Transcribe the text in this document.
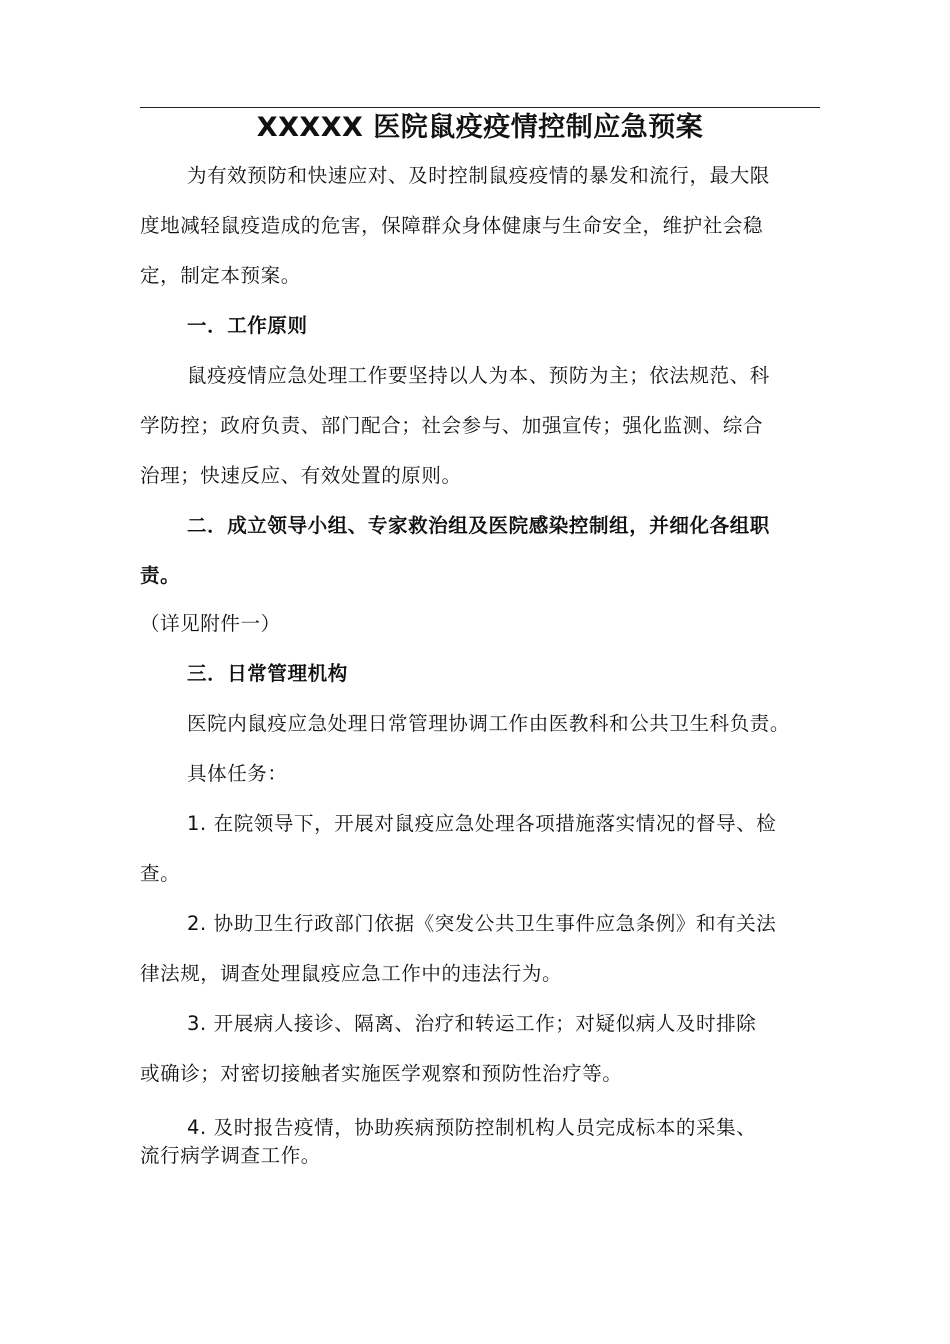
XXXXX 医院鼠疫疫情控制应急预案
为有效预防和快速应对、及时控制鼠疫疫情的暴发和流行，最大限
度地减轻鼠疫造成的危害，保障群众身体健康与生命安全，维护社会稳
定，制定本预案。
一．工作原则
鼠疫疫情应急处理工作要坚持以人为本、预防为主；依法规范、科
学防控；政府负责、部门配合；社会参与、加强宣传；强化监测、综合
治理；快速反应、有效处置的原则。
二．成立领导小组、专家救治组及医院感染控制组，并细化各组职
责。
（详见附件一）
三．日常管理机构
医院内鼠疫应急处理日常管理协调工作由医教科和公共卫生科负责。
具体任务：
1. 在院领导下，开展对鼠疫应急处理各项措施落实情况的督导、检
查。
2. 协助卫生行政部门依据《突发公共卫生事件应急条例》和有关法
律法规，调查处理鼠疫应急工作中的违法行为。
3. 开展病人接诊、隔离、治疗和转运工作；对疑似病人及时排除
或确诊；对密切接触者实施医学观察和预防性治疗等。
4. 及时报告疫情，协助疾病预防控制机构人员完成标本的采集、
流行病学调查工作。
